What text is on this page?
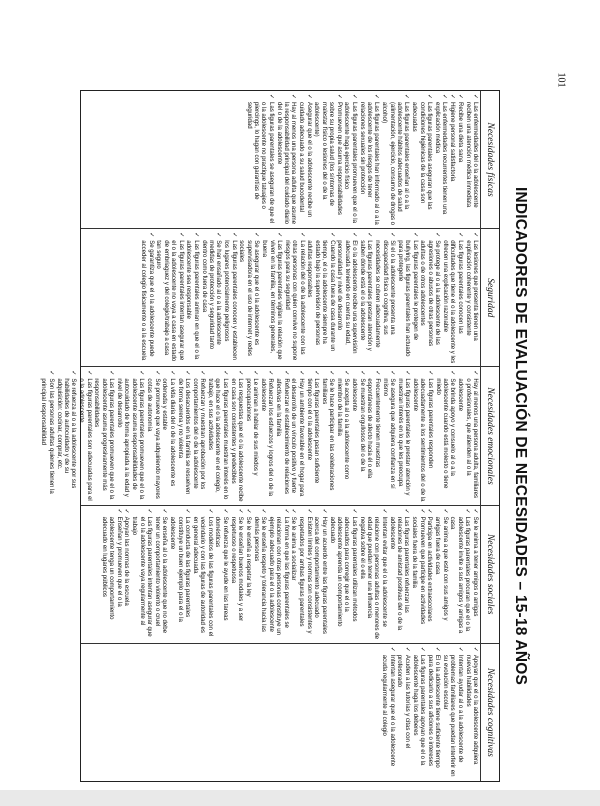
101
INDICADORES DE EVALUACIÓN DE NECESIDADES – 15-18 AÑOS
Necesidades físicas
✓
Las enfermedades del o la adolescente reciben una atención médica inmediata
✓
Recibe una dieta sana
✓
Higiene personal satisfactoria
✓
Las enfermedades recurrentes tienen una explicación médica
✓
Las figuras parentales aseguran que las condiciones higiénicas de la casa son adecuadas
✓
Las figuras parentales enseñan al o a la adolescente hábitos adecuados de salud (alimentación, ejercicio, consumo de drogas o alcohol)
✓
Las figuras parentales han informado al o a la adolescente de los riesgos de tener relaciones sexuales sin protección
✓
Las figuras parentales promueven que el o la adolescente haga ejercicio físico
✓
Promueven que asuma responsabilidades sobre su propia salud (los síntomas de malestar físico o lesiones del o de la adolescente)
✓
Asegurar que el o la adolescente recibe un cuidado adecuado a su salud bucodental
✓
Hay al menos una persona adulta que asume la responsabilidad principal del cuidado diario del o de la adolescente
✓
Las figuras parentales se aseguran de que el o la adolescente no practique tatuajes o piercings, lo hagan con garantías de seguridad
Seguridad
✓
Las lesiones que presenta tienen una explicación coherente y consistente
✓
Las figuras parentales conocen las dificultades que tiene el o la adolescente y les ofrecen una explicación razonable
✓
Se protege al o a la adolescente de las agresiones o abusos de otras personas adultas o de otros adolescentes
✓
Las figuras parentales le protegen de bullying, las figuras parentales han actuado para protegerle
✓
Si el o la adolescente presenta una discapacidad física o cognitiva, sus necesidades se cubren adecuadamente
✓
Las figuras parentales prestan atención y saben dónde está el o la adolescente
✓
El o la adolescente recibe una supervisión adecuada teniendo en cuenta su edad, personalidad y nivel de desarrollo
✓
Cuando la casa fuera de casa durante un tiempo, el o la adolescente siempre ha estado bajo la supervisión de personas adultas responsables
✓
La relación del o de la adolescente con las otras personas con quien convive no supone riesgos para su seguridad
✓
Las figuras parentales vigilan la relación que viven en la familia, en términos generales, buena
✓
Se asegurar que el o la adolescente es supervisado/a en el uso de internet y redes sociales
✓
Las figuras parentales conocen y establecen los lugares potencialmente peligrosos
✓
Se han ensañado al o a la adolescente medidas de protección y seguridad tanto dentro como fuera de casa
✓
Las figuras parentales animan en que el o la adolescente sea responsable
✓
Las figuras parentales intentan asegurar que el o la adolescente no vaya a casa en estado de embriaguez y del colegio/trabajo a casa tan seguro
✓
Se garantiza que el o la adolescente puede acceder al colegio fisicamente o a la escuela
Necesidades emocionales
✓
Hay al menos una persona adulta, familiares o profesionales, que atienden al o la adolescente
✓
Se brinda apoyo y consuelo al o a la adolescente cuando está molesto o tiene miedo
✓
Las figuras parentales responden adecuadamente a los sentimientos del o de la adolescente
✓
Las figuras parentales le prestan atención y muestran interés en lo que les preocupa
✓
Se asegura que adquiera confianza en sí mismo
✓
Frecuentemente tienen muestras espontáneas de afecto hacia él o ella
✓
Se muestran orgullosos del o de la adolescente
✓
Se acepta al o a la adolescente como miembro de la familia
✓
Se le hace participar en las celebraciones familiares
✓
Las figuras parentales pasan suficiente tiempo con el o la adolescente
✓
Hay un ambiente favorable en el hogar para el desarrollo de un vínculo positivo y fuerte
✓
Refuerzan el establecimiento de relaciones afectivas en la familia
✓
Refuerzan los esfuerzos y logros del o de la adolescente
✓
Le animan a hablar de sus miedos y preocupaciones
✓
Las respuestas que el o la adolescente recibe en casa son consistentes y predecibles
✓
Las figuras parentales muestran interés en lo que hace el o la adolescente en el colegio, trabajo, en sus actividades
✓
Refuerzan y muestran aprobación por los comportamientos del o de la adolescente
✓
Los desacuerdos en la familia se resuelven de forma serena y no violenta
✓
La vida diaria del o de la adolescente es ordenada y estable
✓
Se promueve que vaya adquiriendo mayores cotas de autonomía
✓
Las figuras parentales promueven que el o la adolescente asuma responsabilidades de autocuidado de forma apropiada a la edad y nivel de desarrollo
✓
Las figuras parentales promueven que el o la adolescente asuma progresivamente más responsabilidades
✓
Las figuras parentales son adecuadas para el o la adolescente
✓
Se refuerza al o a la adolescente por sus habilidades de autocuidado y de su adquisición: cocinar, comprar, etc.
✓
Son las personas adultas quienes tienen la principal responsabilidad
Necesidades sociales
✓
Se le anima a tener amigos o amigas
✓
Las figuras parentales procuran que el o la adolescente invite a sus amigos y amigas a casa
✓
Se anima a que esté con sus amigos y amigas fuera de casa
✓
Participa en actividades extraescolares
✓
Promueven que participe en actividades sociales fuera de la familia
✓
Las figuras parentales refuerzan las relaciones de amistad positivas del o de la adolescente
✓
Intentan evitar que el o la adolescente se relacione con personas adultas o menores de edad que puedan tener una influencia negativa sobre él o ella
✓
Las figuras parentales utilizan métodos adecuados para corregir que el o la adolescente aprenda un comportamiento adecuado
✓
Hay un acuerdo entre las figuras parentales acerca del comportamiento adecuado
✓
Existen límites y normas son consistentes y respetados por ambas figuras parentales
✓
Se le anima a socializar
✓
La forma en que las figuras parentales se relacionan con otras personas constituye un ejemplo adecuado para el o la adolescente
✓
Se le enseña respeto y tolerancia hacia las demás personas
✓
Se le enseña a respetar la ley
✓
Se le enseñan buenos modales y a ser respetuoso o respetuosa
✓
Se refuerza que le ayude en las tareas domésticas
✓
Los modelos de las figuras parentales con el vecindario y con las figuras de autoridad es en general adecuada
✓
La conducta de las figuras parentales constituye un buen ejemplo para el o la adolescente
✓
Se enseña al o la adolescente que no debe tener un comportamiento violento o cruel
✓
Las figuras parentales intentan asegurar que el o la adolescente vaya regularmente al trabajo
✓
Apoyan las normas de la escuela
✓
Enseñan y promueven que el o la adolescente tenga un comportamiento adecuado en lugares públicos
Necesidades cognitivas
✓
Apoyan que el o la adolescente adquiera nuevas habilidades
✓
Intentan ayudar al o a la adolescente de problemas familiares que puedan interferir en su evolución escolar
✓
El o la adolescente tiene suficiente tiempo para dedicarlo a sus aficiones o intereses
✓
Las figuras parentales apoyan que el o la adolescente haga los deberes
✓
Acuden a las tutorías y citas con el profesorado
✓
Intentan asegurar que el o la adolescente acuda regularmente al colegio
